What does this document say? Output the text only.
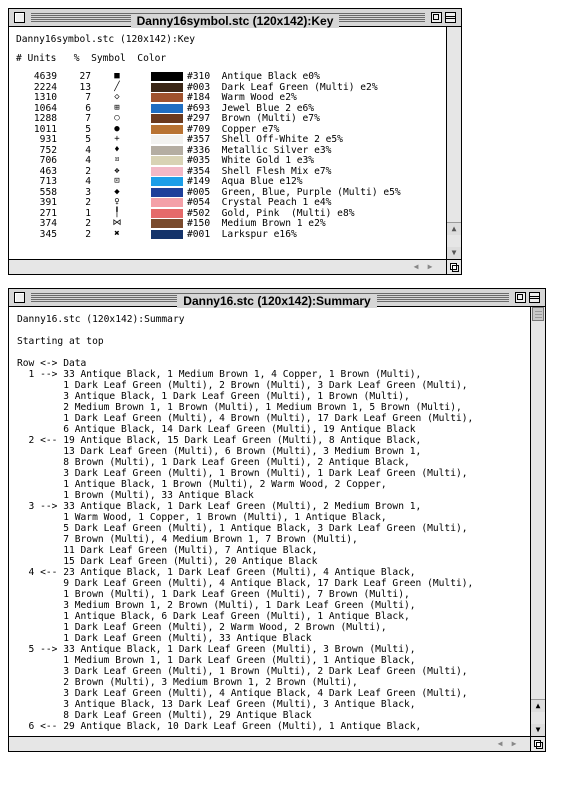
Danny16symbol.stc (120x142):Key
Danny16symbol.stc (120x142):Key
# Units   %  Symbol  Color
4639 27	■	#310  Antique Black e0%
2224 13	╱	#003  Dark Leaf Green (Multi) e2%
1310	7	◇	#184  Warm Wood e2%
1064	6	⊞	#693  Jewel Blue 2 e6%
1288	7	○	#297  Brown (Multi) e7%
1011	5	●	#709  Copper e7%
931	5	+	#357  Shell Off-White 2 e5%
752	4	♦	#336  Metallic Silver e3%
706	4	¤	#035  White Gold 1 e3%
463	2	❖	#354  Shell Flesh Mix e7%
713	4	⊡	#149  Aqua Blue e12%
558	3	◆	#005  Green, Blue, Purple (Multi) e5%
391	2	♀	#054  Crystal Peach 1 e4%
271	1	╿	#502  Gold, Pink  (Multi) e8%
374	2	⋈	#150  Medium Brown 1 e2%
345	2	✖	#001  Larkspur e16%	▲
▼
◀	▶
Danny16.stc (120x142):Summary
Danny16.stc (120x142):Summary
Starting at top
Row <-> Data
1 --> 33 Antique Black, 1 Medium Brown 1, 4 Copper, 1 Brown (Multi),
1 Dark Leaf Green (Multi), 2 Brown (Multi), 3 Dark Leaf Green (Multi),
3 Antique Black, 1 Dark Leaf Green (Multi), 1 Brown (Multi),
2 Medium Brown 1, 1 Brown (Multi), 1 Medium Brown 1, 5 Brown (Multi),
1 Dark Leaf Green (Multi), 4 Brown (Multi), 17 Dark Leaf Green (Multi),
6 Antique Black, 14 Dark Leaf Green (Multi), 19 Antique Black
2 <-- 19 Antique Black, 15 Dark Leaf Green (Multi), 8 Antique Black,
13 Dark Leaf Green (Multi), 6 Brown (Multi), 3 Medium Brown 1,
8 Brown (Multi), 1 Dark Leaf Green (Multi), 2 Antique Black,
3 Dark Leaf Green (Multi), 1 Brown (Multi), 1 Dark Leaf Green (Multi),
1 Antique Black, 1 Brown (Multi), 2 Warm Wood, 2 Copper,
1 Brown (Multi), 33 Antique Black
3 --> 33 Antique Black, 1 Dark Leaf Green (Multi), 2 Medium Brown 1,
1 Warm Wood, 1 Copper, 1 Brown (Multi), 1 Antique Black,
5 Dark Leaf Green (Multi), 1 Antique Black, 3 Dark Leaf Green (Multi),
7 Brown (Multi), 4 Medium Brown 1, 7 Brown (Multi),
11 Dark Leaf Green (Multi), 7 Antique Black,
15 Dark Leaf Green (Multi), 20 Antique Black
4 <-- 23 Antique Black, 1 Dark Leaf Green (Multi), 4 Antique Black,
9 Dark Leaf Green (Multi), 4 Antique Black, 17 Dark Leaf Green (Multi),
1 Brown (Multi), 1 Dark Leaf Green (Multi), 7 Brown (Multi),
3 Medium Brown 1, 2 Brown (Multi), 1 Dark Leaf Green (Multi),
1 Antique Black, 6 Dark Leaf Green (Multi), 1 Antique Black,
1 Dark Leaf Green (Multi), 2 Warm Wood, 2 Brown (Multi),
1 Dark Leaf Green (Multi), 33 Antique Black
5 --> 33 Antique Black, 1 Dark Leaf Green (Multi), 3 Brown (Multi),
1 Medium Brown 1, 1 Dark Leaf Green (Multi), 1 Antique Black,
3 Dark Leaf Green (Multi), 1 Brown (Multi), 2 Dark Leaf Green (Multi),
2 Brown (Multi), 3 Medium Brown 1, 2 Brown (Multi),
3 Dark Leaf Green (Multi), 4 Antique Black, 4 Dark Leaf Green (Multi),
3 Antique Black, 13 Dark Leaf Green (Multi), 3 Antique Black,
8 Dark Leaf Green (Multi), 29 Antique Black
6 <-- 29 Antique Black, 10 Dark Leaf Green (Multi), 1 Antique Black,
▲
▼
◀	▶
